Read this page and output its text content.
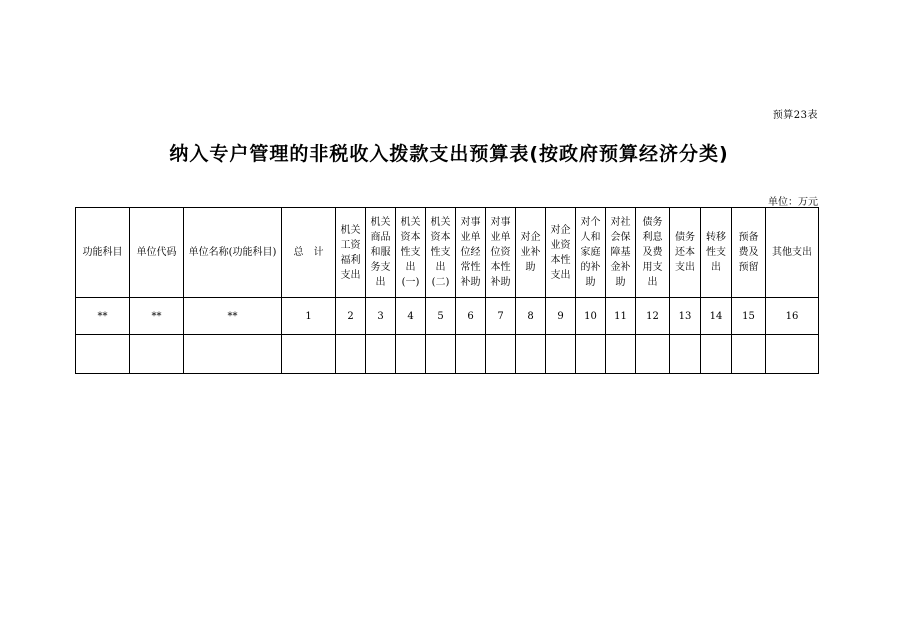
预算23表
纳入专户管理的非税收入拨款支出预算表(按政府预算经济分类)
单位：万元
功能科目	单位代码	单位名称(功能科目)	总　计	机关工资福利支出	机关商品和服务支出	机关资本性支出(一)	机关资本性支出(二)	对事业单位经常性补助	对事业单位资本性补助	对企业补助	对企业资本性支出	对个人和家庭的补助	对社会保障基金补助	债务利息及费用支出	债务还本支出	转移性支出	预备费及预留	其他支出
**	**	**	1	2	3	4	5	6	7	8	9	10	11	12	13	14	15	16
